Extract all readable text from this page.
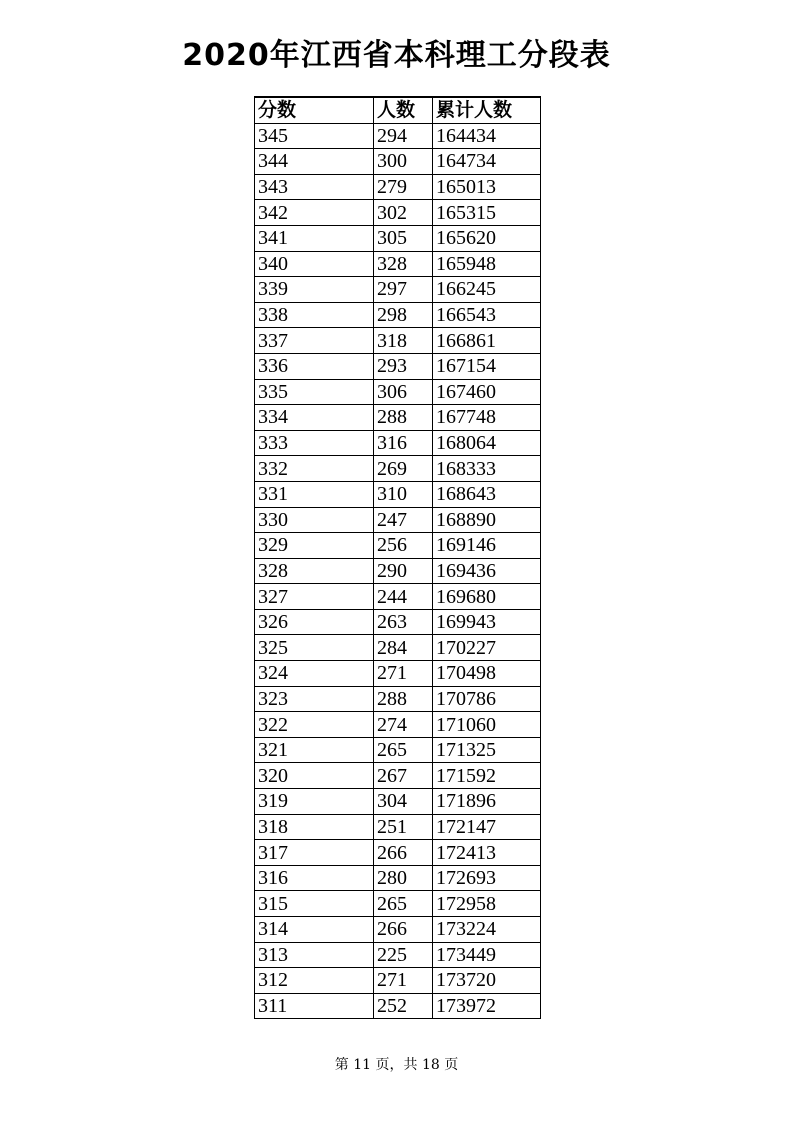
2020年江西省本科理工分段表
分数	人数	累计人数
345	294	164434
344	300	164734
343	279	165013
342	302	165315
341	305	165620
340	328	165948
339	297	166245
338	298	166543
337	318	166861
336	293	167154
335	306	167460
334	288	167748
333	316	168064
332	269	168333
331	310	168643
330	247	168890
329	256	169146
328	290	169436
327	244	169680
326	263	169943
325	284	170227
324	271	170498
323	288	170786
322	274	171060
321	265	171325
320	267	171592
319	304	171896
318	251	172147
317	266	172413
316	280	172693
315	265	172958
314	266	173224
313	225	173449
312	271	173720
311	252	173972
第 11 页，共 18 页
